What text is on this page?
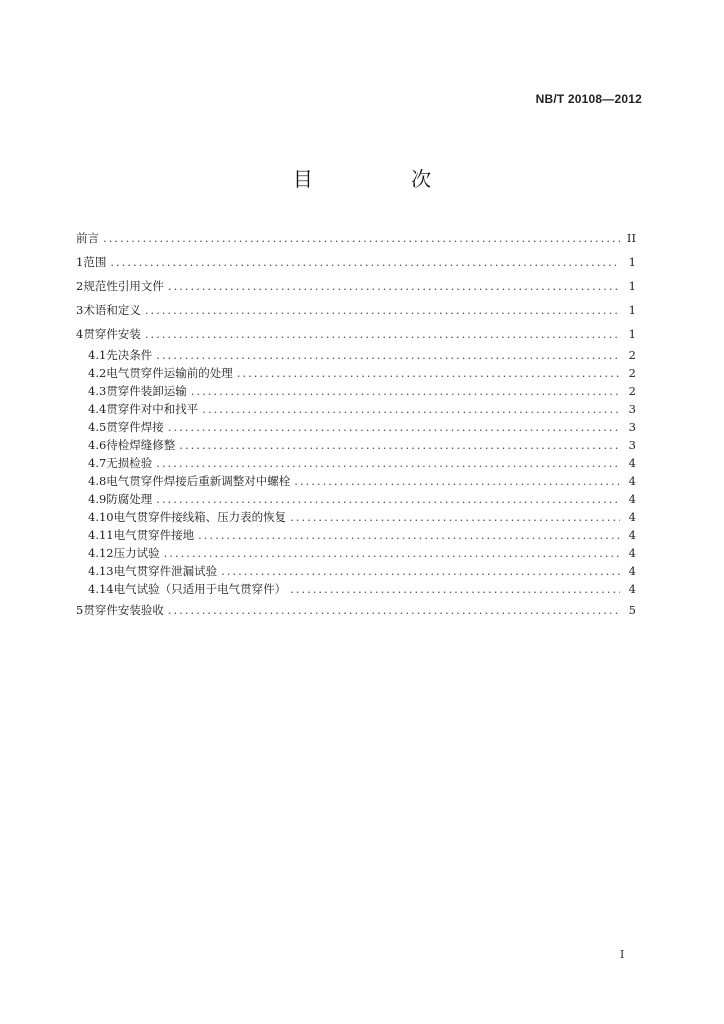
NB/T 20108—2012
目 次
前言 .....	II
1 范围 .....	1
2 规范性引用文件 .....	1
3 术语和定义 .....	1
4 贯穿件安装 .....	1
4.1 先决条件 .....	2
4.2 电气贯穿件运输前的处理 .....	2
4.3 贯穿件装卸运输 .....	2
4.4 贯穿件对中和找平 .....	3
4.5 贯穿件焊接 .....	3
4.6 待检焊缝修整 .....	3
4.7 无损检验 .....	4
4.8 电气贯穿件焊接后重新调整对中螺栓 .....	4
4.9 防腐处理 .....	4
4.10 电气贯穿件接线箱、压力表的恢复 .....	4
4.11 电气贯穿件接地 .....	4
4.12 压力试验 .....	4
4.13 电气贯穿件泄漏试验 .....	4
4.14 电气试验（只适用于电气贯穿件） .....	4
5 贯穿件安装验收 .....	5
I
